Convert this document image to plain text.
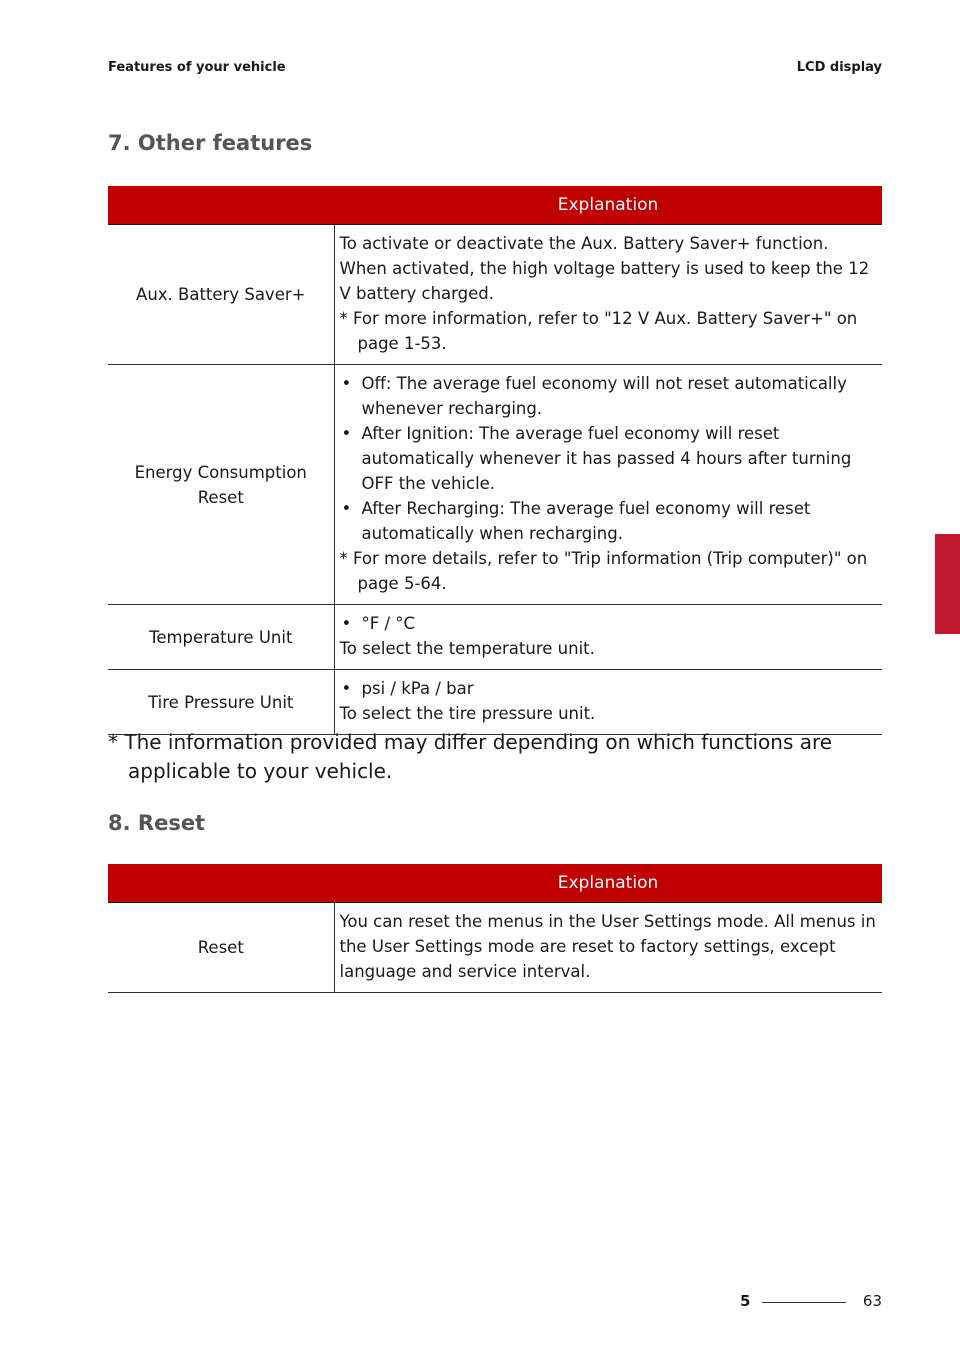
Features of your vehicle	LCD display
7. Other features
	Explanation
Aux. Battery Saver+	To activate or deactivate the Aux. Battery Saver+ function.
When activated, the high voltage battery is used to keep the 12 V battery charged.
* For more information, refer to "12 V Aux. Battery Saver+" on page 1-53.

Energy Consumption Reset	• Off: The average fuel economy will not reset automatically whenever recharging.
• After Ignition: The average fuel economy will reset automatically whenever it has passed 4 hours after turning OFF the vehicle.
• After Recharging: The average fuel economy will reset automatically when recharging.
* For more details, refer to "Trip information (Trip computer)" on page 5-64.

Temperature Unit	• °F / °C
To select the temperature unit.

Tire Pressure Unit	• psi / kPa / bar
To select the tire pressure unit.

* The information provided may differ depending on which functions are applicable to your vehicle.

8. Reset
	Explanation
Reset	You can reset the menus in the User Settings mode. All menus in the User Settings mode are reset to factory settings, except language and service interval.
5
5	63
